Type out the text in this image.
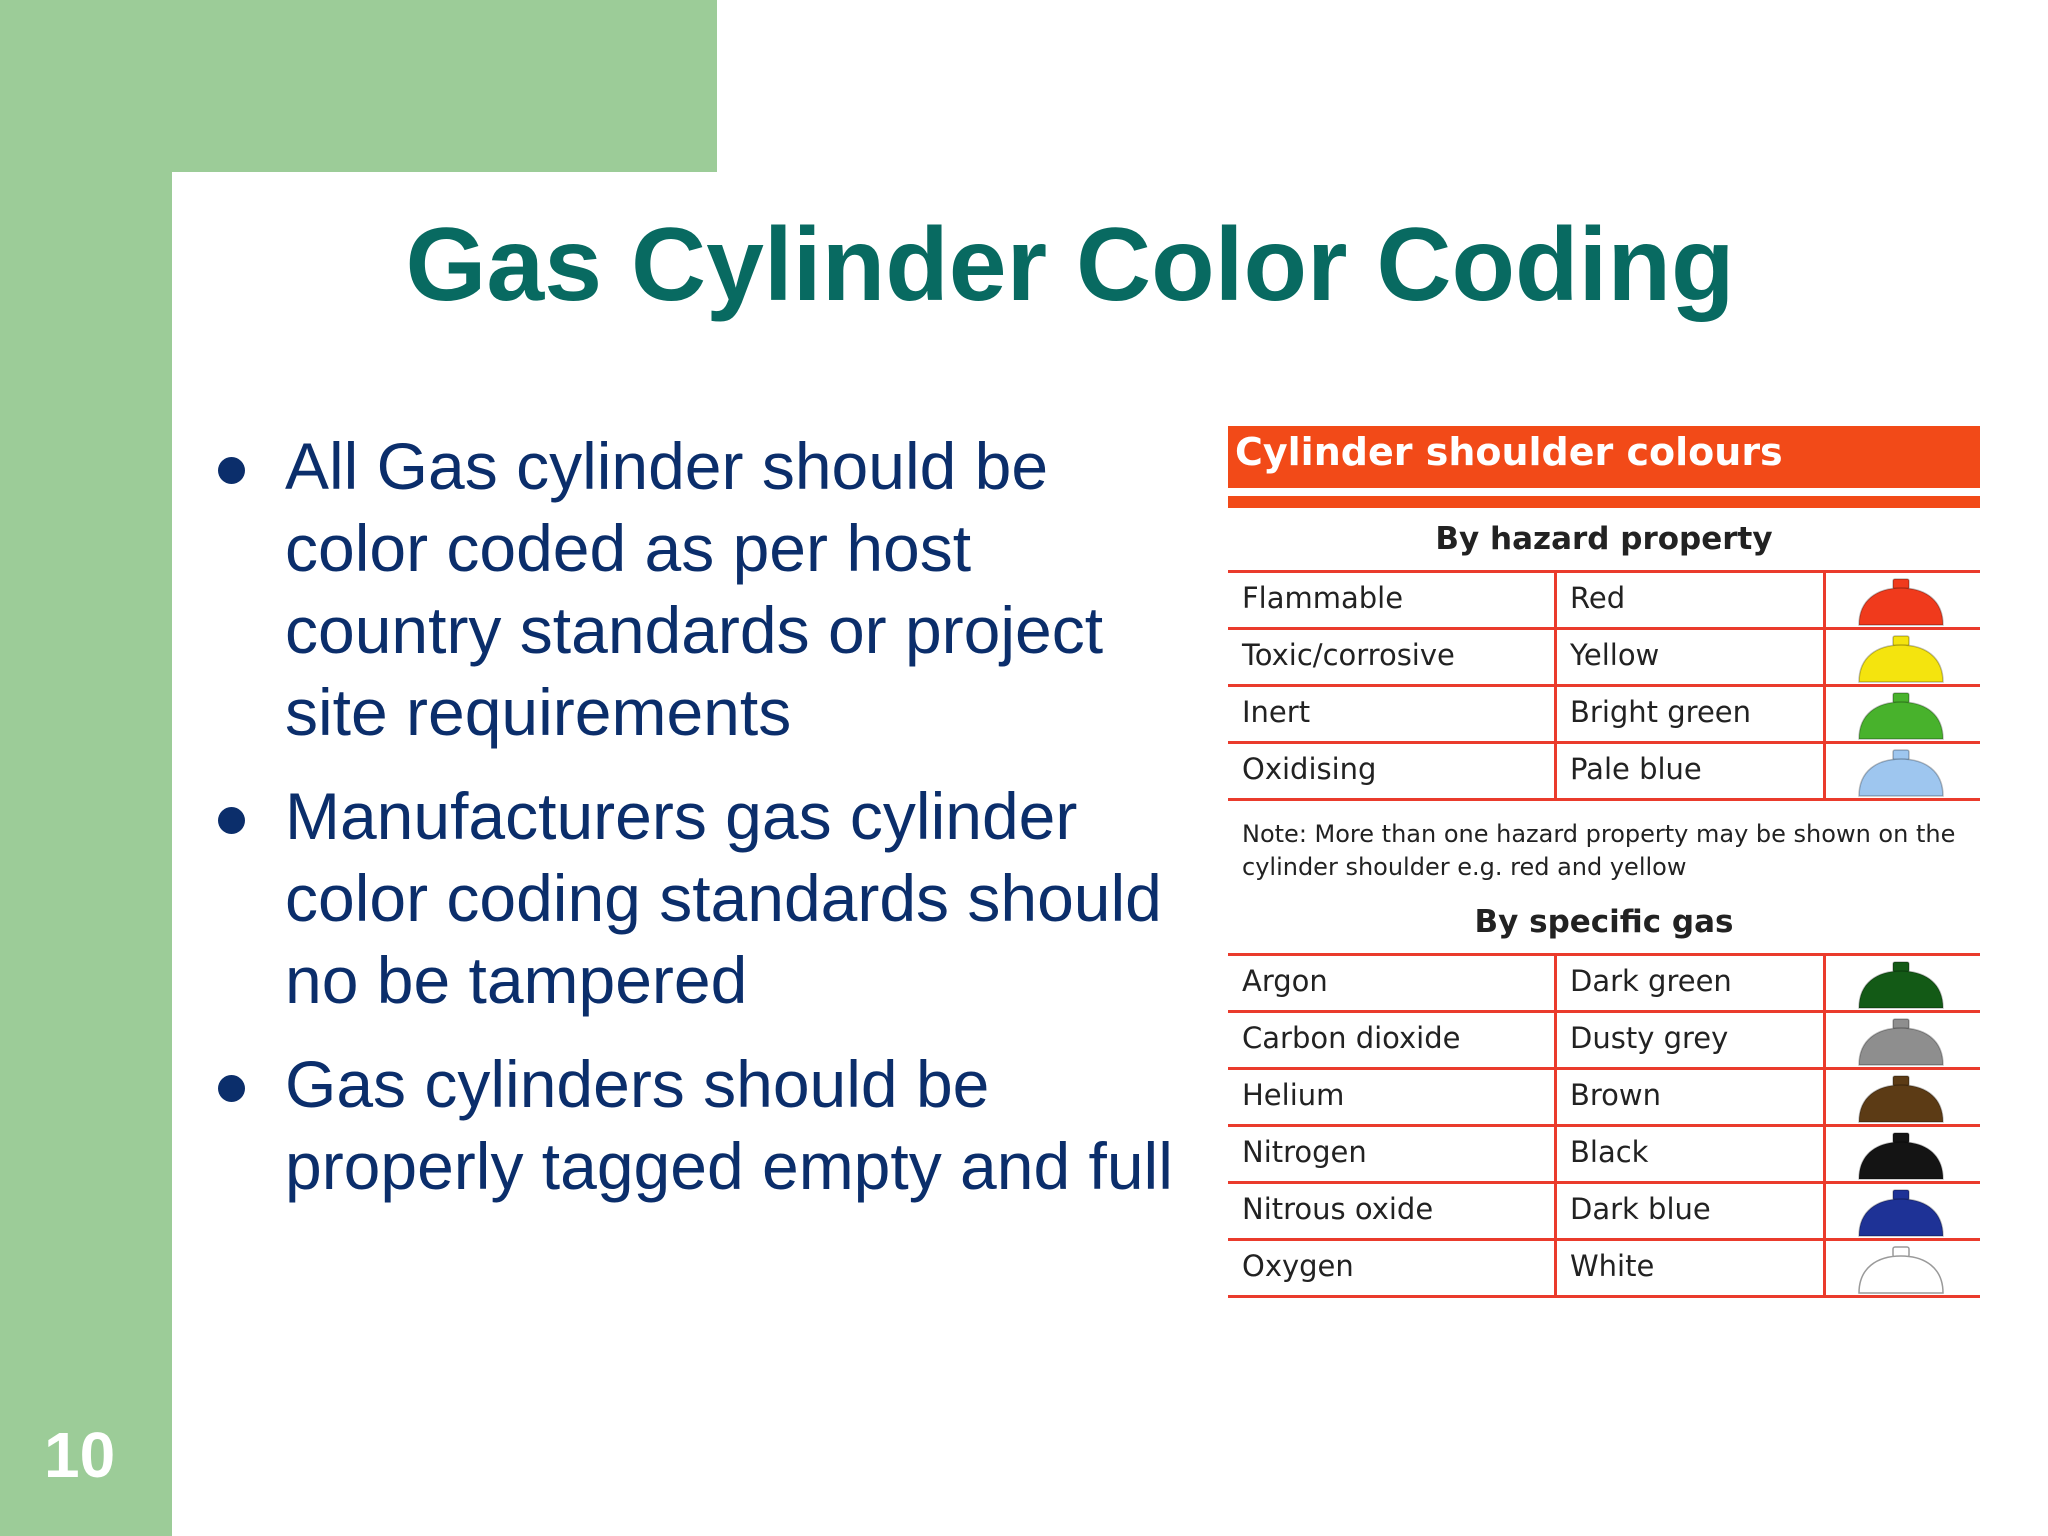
10
Gas Cylinder Color Coding
All Gas cylinder should be color coded as per host country standards or project site requirements
Manufacturers gas cylinder color coding standards should no be tampered
Gas cylinders should be properly tagged empty and full
Cylinder shoulder colours
By hazard property
Flammable	Red
Toxic/corrosive	Yellow
Inert	Bright green
Oxidising	Pale blue
Note: More than one hazard property may be shown on the cylinder shoulder e.g. red and yellow
By specific gas
Argon	Dark green
Carbon dioxide	Dusty grey
Helium	Brown
Nitrogen	Black
Nitrous oxide	Dark blue
Oxygen	White
